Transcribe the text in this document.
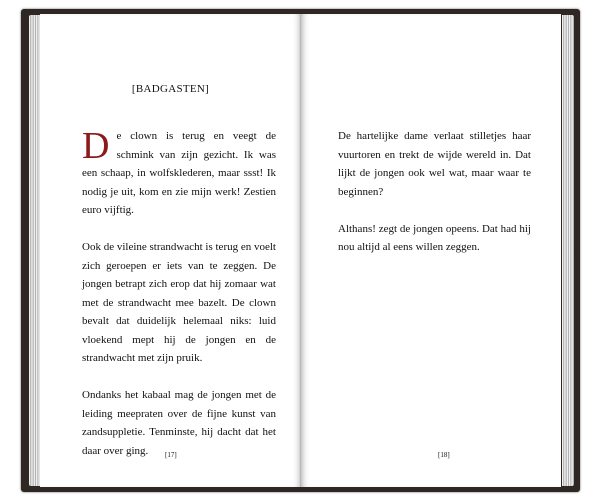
[BADGASTEN]

De clown is terug en veegt de schmink van zijn gezicht. Ik was een schaap, in wolfsklederen, maar ssst! Ik nodig je uit, kom en zie mijn werk! Zestien euro vijftig.

Ook de vileine strandwacht is terug en voelt zich geroepen er iets van te zeggen. De jongen betrapt zich erop dat hij zomaar wat met de strandwacht mee bazelt. De clown bevalt dat duidelijk helemaal niks: luid vloekend mept hij de jongen en de strandwacht met zijn pruik.

Ondanks het kabaal mag de jongen met de leiding meepraten over de fijne kunst van zandsuppletie. Tenminste, hij dacht dat het daar over ging.	[17]

De hartelijke dame verlaat stilletjes haar vuurtoren en trekt de wijde wereld in. Dat lijkt de jongen ook wel wat, maar waar te beginnen?

Althans! zegt de jongen opeens. Dat had hij nou altijd al eens willen zeggen.

[18]
